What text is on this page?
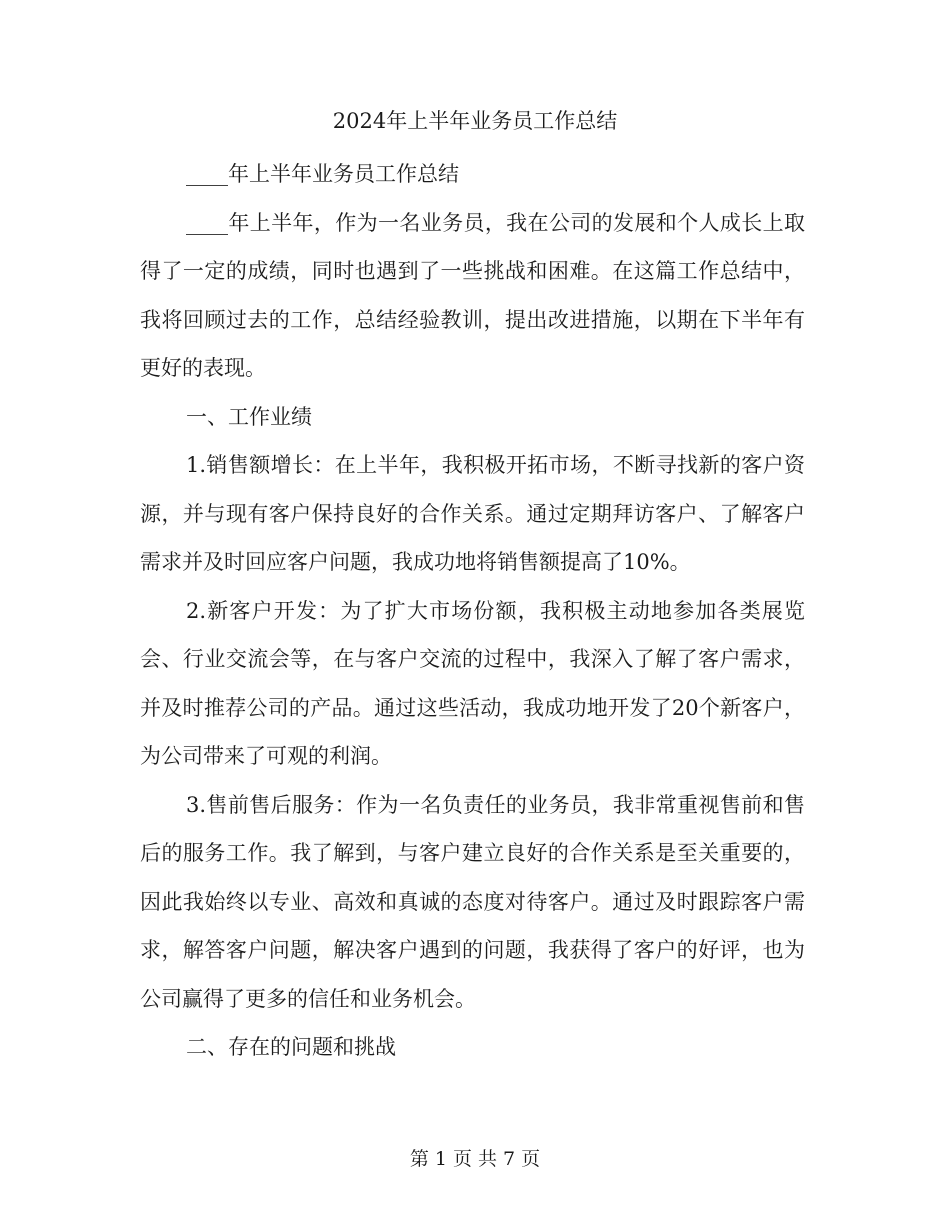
2024年上半年业务员工作总结

____年上半年业务员工作总结

____年上半年，作为一名业务员，我在公司的发展和个人成长上取得了一定的成绩，同时也遇到了一些挑战和困难。在这篇工作总结中，我将回顾过去的工作，总结经验教训，提出改进措施，以期在下半年有更好的表现。

一、工作业绩

1.销售额增长：在上半年，我积极开拓市场，不断寻找新的客户资源，并与现有客户保持良好的合作关系。通过定期拜访客户、了解客户需求并及时回应客户问题，我成功地将销售额提高了10%。

2.新客户开发：为了扩大市场份额，我积极主动地参加各类展览会、行业交流会等，在与客户交流的过程中，我深入了解了客户需求，并及时推荐公司的产品。通过这些活动，我成功地开发了20个新客户，为公司带来了可观的利润。

3.售前售后服务：作为一名负责任的业务员，我非常重视售前和售后的服务工作。我了解到，与客户建立良好的合作关系是至关重要的，因此我始终以专业、高效和真诚的态度对待客户。通过及时跟踪客户需求，解答客户问题，解决客户遇到的问题，我获得了客户的好评，也为公司赢得了更多的信任和业务机会。

二、存在的问题和挑战

第 1 页 共 7 页
